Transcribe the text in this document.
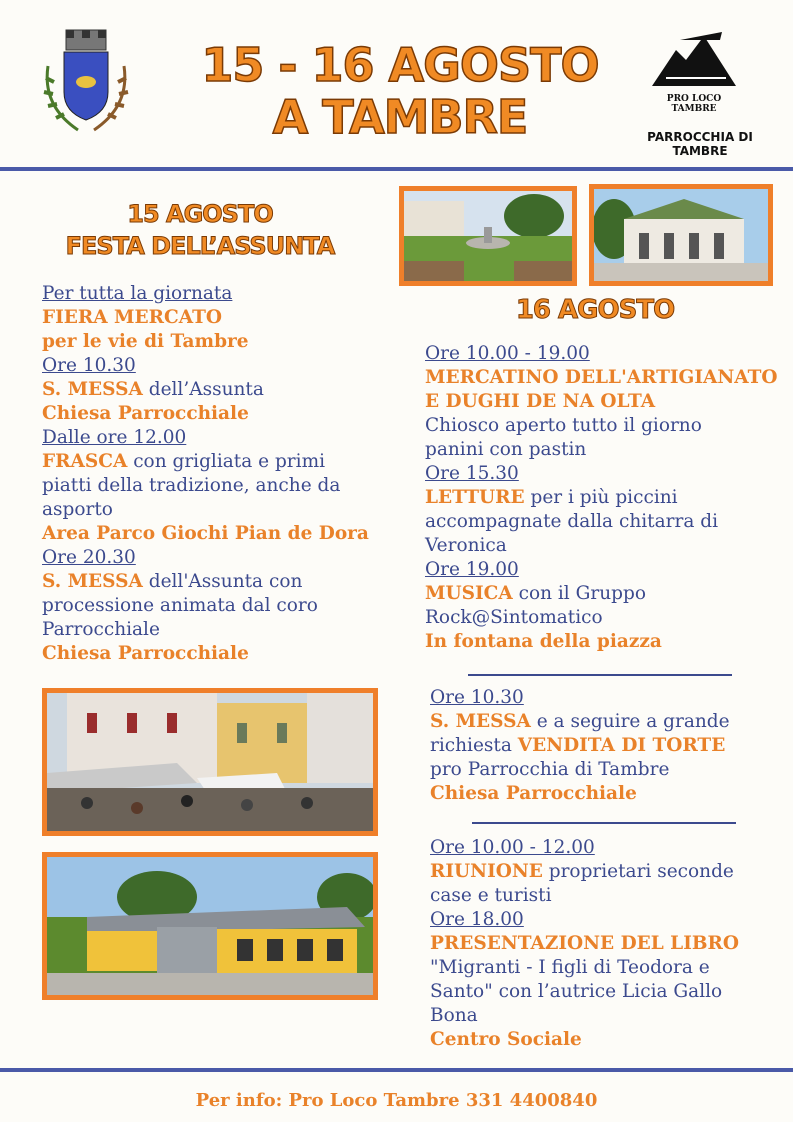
15 - 16 AGOSTO
A TAMBRE	PRO LOCO TAMBRE
PARROCCHIA DI TAMBRE
15 AGOSTO
FESTA DELL’ASSUNTA
Per tutta la giornata
FIERA MERCATO
per le vie di Tambre
Ore 10.30
S. MESSA dell’Assunta
Chiesa Parrocchiale
Dalle ore 12.00
FRASCA con grigliata e primi
piatti della tradizione, anche da
asporto
Area Parco Giochi Pian de Dora
Ore 20.30
S. MESSA dell'Assunta con
processione animata dal coro
Parrocchiale
Chiesa Parrocchiale
16 AGOSTO
Ore 10.00 - 19.00
MERCATINO DELL'ARTIGIANATO
E DUGHI DE NA OLTA
Chiosco aperto tutto il giorno
panini con pastin
Ore 15.30
LETTURE per i più piccini
accompagnate dalla chitarra di
Veronica
Ore 19.00
MUSICA con il Gruppo
Rock@Sintomatico
In fontana della piazza
Ore 10.30
S. MESSA e a seguire a grande
richiesta VENDITA DI TORTE
pro Parrocchia di Tambre
Chiesa Parrocchiale
Ore 10.00 - 12.00
RIUNIONE proprietari seconde
case e turisti
Ore 18.00
PRESENTAZIONE DEL LIBRO
"Migranti - I figli di Teodora e
Santo" con l’autrice Licia Gallo
Bona
Centro Sociale
Per info: Pro Loco Tambre 331 4400840
